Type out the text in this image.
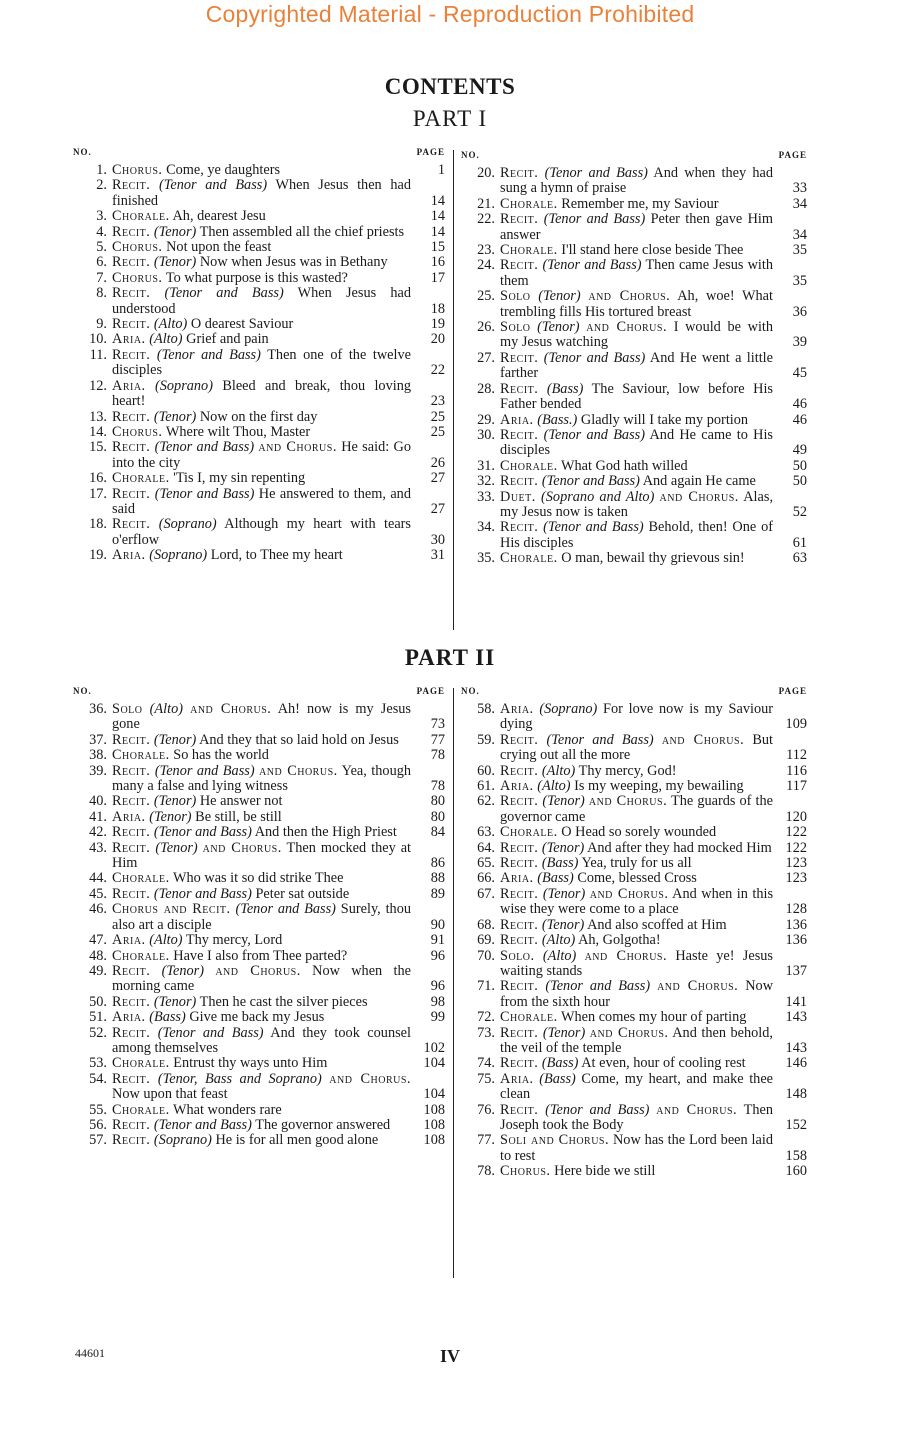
Copyrighted Material - Reproduction Prohibited
CONTENTS
PART I
NO.	PAGE
1. Chorus. Come, ye daughters	1
2. Recit. (Tenor and Bass) When Jesus then had finished	14
3. Chorale. Ah, dearest Jesu	14
4. Recit. (Tenor) Then assembled all the chief priests	14
5. Chorus. Not upon the feast	15
6. Recit. (Tenor) Now when Jesus was in Bethany	16
7. Chorus. To what purpose is this wasted?	17
8. Recit. (Tenor and Bass) When Jesus had understood	18
9. Recit. (Alto) O dearest Saviour	19
10. Aria. (Alto) Grief and pain	20
11. Recit. (Tenor and Bass) Then one of the twelve disciples	22
12. Aria. (Soprano) Bleed and break, thou loving heart!	23
13. Recit. (Tenor) Now on the first day	25
14. Chorus. Where wilt Thou, Master	25
15. Recit. (Tenor and Bass) and Chorus. He said: Go into the city	26
16. Chorale. 'Tis I, my sin repenting	27
17. Recit. (Tenor and Bass) He answered to them, and said	27
18. Recit. (Soprano) Although my heart with tears o'erflow	30
19. Aria. (Soprano) Lord, to Thee my heart	31
NO.	PAGE
20. Recit. (Tenor and Bass) And when they had sung a hymn of praise	33
21. Chorale. Remember me, my Saviour	34
22. Recit. (Tenor and Bass) Peter then gave Him answer	34
23. Chorale. I'll stand here close beside Thee	35
24. Recit. (Tenor and Bass) Then came Jesus with them	35
25. Solo (Tenor) and Chorus. Ah, woe! What trembling fills His tortured breast	36
26. Solo (Tenor) and Chorus. I would be with my Jesus watching	39
27. Recit. (Tenor and Bass) And He went a little farther	45
28. Recit. (Bass) The Saviour, low before His Father bended	46
29. Aria. (Bass.) Gladly will I take my portion	46
30. Recit. (Tenor and Bass) And He came to His disciples	49
31. Chorale. What God hath willed	50
32. Recit. (Tenor and Bass) And again He came	50
33. Duet. (Soprano and Alto) and Chorus. Alas, my Jesus now is taken	52
34. Recit. (Tenor and Bass) Behold, then! One of His disciples	61
35. Chorale. O man, bewail thy grievous sin!	63
PART II
NO.	PAGE
36. Solo (Alto) and Chorus. Ah! now is my Jesus gone	73
37. Recit. (Tenor) And they that so laid hold on Jesus	77
38. Chorale. So has the world	78
39. Recit. (Tenor and Bass) and Chorus. Yea, though many a false and lying witness	78
40. Recit. (Tenor) He answer not	80
41. Aria. (Tenor) Be still, be still	80
42. Recit. (Tenor and Bass) And then the High Priest	84
43. Recit. (Tenor) and Chorus. Then mocked they at Him	86
44. Chorale. Who was it so did strike Thee	88
45. Recit. (Tenor and Bass) Peter sat outside	89
46. Chorus and Recit. (Tenor and Bass) Surely, thou also art a disciple	90
47. Aria. (Alto) Thy mercy, Lord	91
48. Chorale. Have I also from Thee parted?	96
49. Recit. (Tenor) and Chorus. Now when the morning came	96
50. Recit. (Tenor) Then he cast the silver pieces	98
51. Aria. (Bass) Give me back my Jesus	99
52. Recit. (Tenor and Bass) And they took counsel among themselves	102
53. Chorale. Entrust thy ways unto Him	104
54. Recit. (Tenor, Bass and Soprano) and Chorus. Now upon that feast	104
55. Chorale. What wonders rare	108
56. Recit. (Tenor and Bass) The governor answered	108
57. Recit. (Soprano) He is for all men good alone	108
NO.	PAGE
58. Aria. (Soprano) For love now is my Saviour dying	109
59. Recit. (Tenor and Bass) and Chorus. But crying out all the more	112
60. Recit. (Alto) Thy mercy, God!	116
61. Aria. (Alto) Is my weeping, my bewailing	117
62. Recit. (Tenor) and Chorus. The guards of the governor came	120
63. Chorale. O Head so sorely wounded	122
64. Recit. (Tenor) And after they had mocked Him 122
65. Recit. (Bass) Yea, truly for us all	123
66. Aria. (Bass) Come, blessed Cross	123
67. Recit. (Tenor) and Chorus. And when in this wise they were come to a place	128
68. Recit. (Tenor) And also scoffed at Him	136
69. Recit. (Alto) Ah, Golgotha!	136
70. Solo. (Alto) and Chorus. Haste ye! Jesus waiting stands	137
71. Recit. (Tenor and Bass) and Chorus. Now from the sixth hour	141
72. Chorale. When comes my hour of parting	143
73. Recit. (Tenor) and Chorus. And then behold, the veil of the temple	143
74. Recit. (Bass) At even, hour of cooling rest	146
75. Aria. (Bass) Come, my heart, and make thee clean	148
76. Recit. (Tenor and Bass) and Chorus. Then Joseph took the Body	152
77. Soli and Chorus. Now has the Lord been laid to rest	158
78. Chorus. Here bide we still	160
44601	IV
